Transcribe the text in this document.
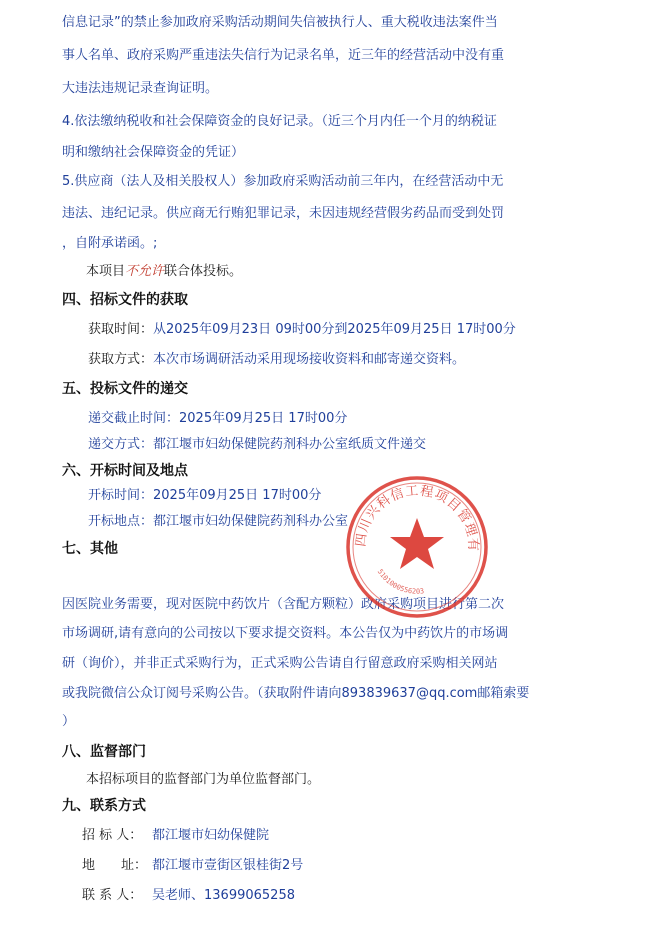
信息记录”的禁止参加政府采购活动期间失信被执行人、重大税收违法案件当
事人名单、政府采购严重违法失信行为记录名单，近三年的经营活动中没有重
大违法违规记录查询证明。
4.依法缴纳税收和社会保障资金的良好记录。（近三个月内任一个月的纳税证
明和缴纳社会保障资金的凭证）
5.供应商（法人及相关股权人）参加政府采购活动前三年内，在经营活动中无
违法、违纪记录。供应商无行贿犯罪记录，未因违规经营假劣药品而受到处罚
，自附承诺函。;
本项目不允许联合体投标。
四、招标文件的获取
获取时间：从2025年09月23日 09时00分到2025年09月25日 17时00分
获取方式：本次市场调研活动采用现场接收资料和邮寄递交资料。
五、投标文件的递交
递交截止时间：2025年09月25日 17时00分
递交方式：都江堰市妇幼保健院药剂科办公室纸质文件递交
六、开标时间及地点
开标时间：2025年09月25日 17时00分
开标地点：都江堰市妇幼保健院药剂科办公室
七、其他
因医院业务需要，现对医院中药饮片（含配方颗粒）政府采购项目进行第二次
市场调研,请有意向的公司按以下要求提交资料。本公告仅为中药饮片的市场调
研（询价），并非正式采购行为，正式采购公告请自行留意政府采购相关网站
或我院微信公众订阅号采购公告。（获取附件请向893839637@qq.com邮箱索要
）
八、监督部门
本招标项目的监督部门为单位监督部门。
九、联系方式
招 标 人： 都江堰市妇幼保健院
地　　址： 都江堰市壹街区银桂街2号
联 系 人： 吴老师、13699065258
四川兴科信工程项目管理有
5101000556203
